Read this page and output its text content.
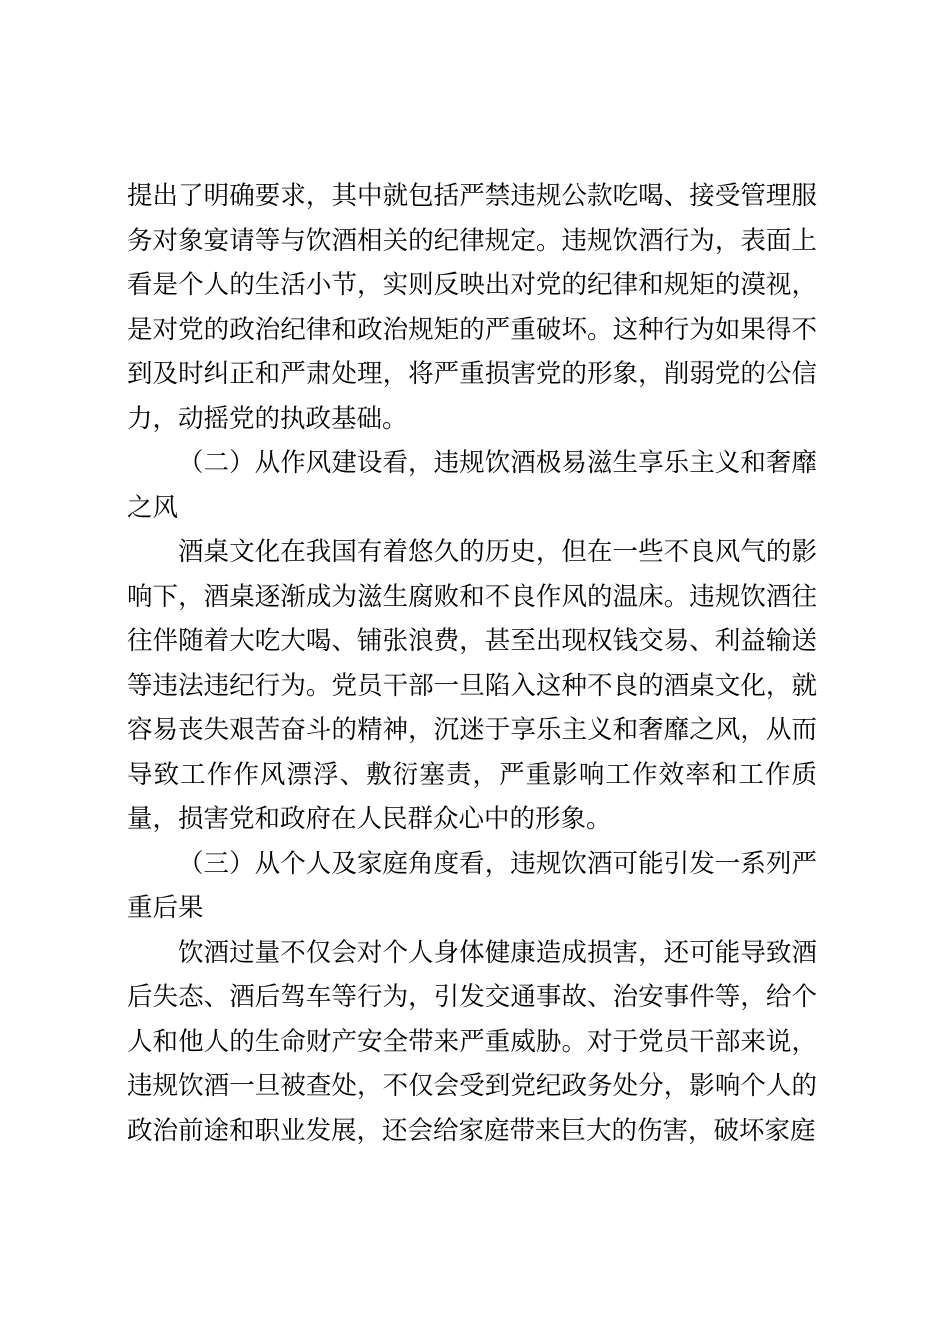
提出了明确要求，其中就包括严禁违规公款吃喝、接受管理服务对象宴请等与饮酒相关的纪律规定。违规饮酒行为，表面上看是个人的生活小节，实则反映出对党的纪律和规矩的漠视，是对党的政治纪律和政治规矩的严重破坏。这种行为如果得不到及时纠正和严肃处理，将严重损害党的形象，削弱党的公信力，动摇党的执政基础。

（二）从作风建设看，违规饮酒极易滋生享乐主义和奢靡之风

酒桌文化在我国有着悠久的历史，但在一些不良风气的影响下，酒桌逐渐成为滋生腐败和不良作风的温床。违规饮酒往往伴随着大吃大喝、铺张浪费，甚至出现权钱交易、利益输送等违法违纪行为。党员干部一旦陷入这种不良的酒桌文化，就容易丧失艰苦奋斗的精神，沉迷于享乐主义和奢靡之风，从而导致工作作风漂浮、敷衍塞责，严重影响工作效率和工作质量，损害党和政府在人民群众心中的形象。

（三）从个人及家庭角度看，违规饮酒可能引发一系列严重后果

饮酒过量不仅会对个人身体健康造成损害，还可能导致酒后失态、酒后驾车等行为，引发交通事故、治安事件等，给个人和他人的生命财产安全带来严重威胁。对于党员干部来说，违规饮酒一旦被查处，不仅会受到党纪政务处分，影响个人的政治前途和职业发展，还会给家庭带来巨大的伤害，破坏家庭
